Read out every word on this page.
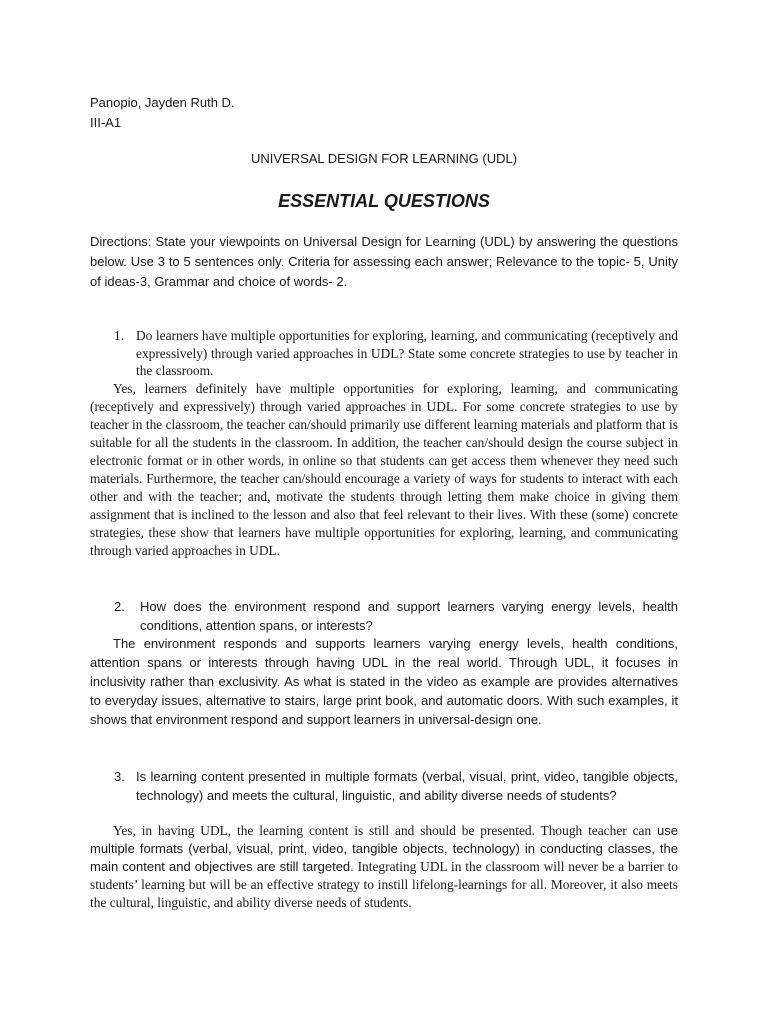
Panopio, Jayden Ruth D.
III-A1
UNIVERSAL DESIGN FOR LEARNING (UDL)
ESSENTIAL QUESTIONS

Directions: State your viewpoints on Universal Design for Learning (UDL) by answering the questions below. Use 3 to 5 sentences only. Criteria for assessing each answer; Relevance to the topic- 5, Unity of ideas-3, Grammar and choice of words- 2.

1. Do learners have multiple opportunities for exploring, learning, and communicating (receptively and expressively) through varied approaches in UDL? State some concrete strategies to use by teacher in the classroom.

Yes, learners definitely have multiple opportunities for exploring, learning, and communicating (receptively and expressively) through varied approaches in UDL. For some concrete strategies to use by teacher in the classroom, the teacher can/should primarily use different learning materials and platform that is suitable for all the students in the classroom. In addition, the teacher can/should design the course subject in electronic format or in other words, in online so that students can get access them whenever they need such materials. Furthermore, the teacher can/should encourage a variety of ways for students to interact with each other and with the teacher; and, motivate the students through letting them make choice in giving them assignment that is inclined to the lesson and also that feel relevant to their lives. With these (some) concrete strategies, these show that learners have multiple opportunities for exploring, learning, and communicating through varied approaches in UDL.

2.	How does the environment respond and support learners varying energy levels, health conditions, attention spans, or interests?

The environment responds and supports learners varying energy levels, health conditions, attention spans or interests through having UDL in the real world. Through UDL, it focuses in inclusivity rather than exclusivity. As what is stated in the video as example are provides alternatives to everyday issues, alternative to stairs, large print book, and automatic doors. With such examples, it shows that environment respond and support learners in universal-design one.

3. Is learning content presented in multiple formats (verbal, visual, print, video, tangible objects, technology) and meets the cultural, linguistic, and ability diverse needs of students?

Yes, in having UDL, the learning content is still and should be presented. Though teacher can use multiple formats (verbal, visual, print, video, tangible objects, technology) in conducting classes, the main content and objectives are still targeted. Integrating UDL in the classroom will never be a barrier to students’ learning but will be an effective strategy to instill lifelong-learnings for all. Moreover, it also meets the cultural, linguistic, and ability diverse needs of students.
